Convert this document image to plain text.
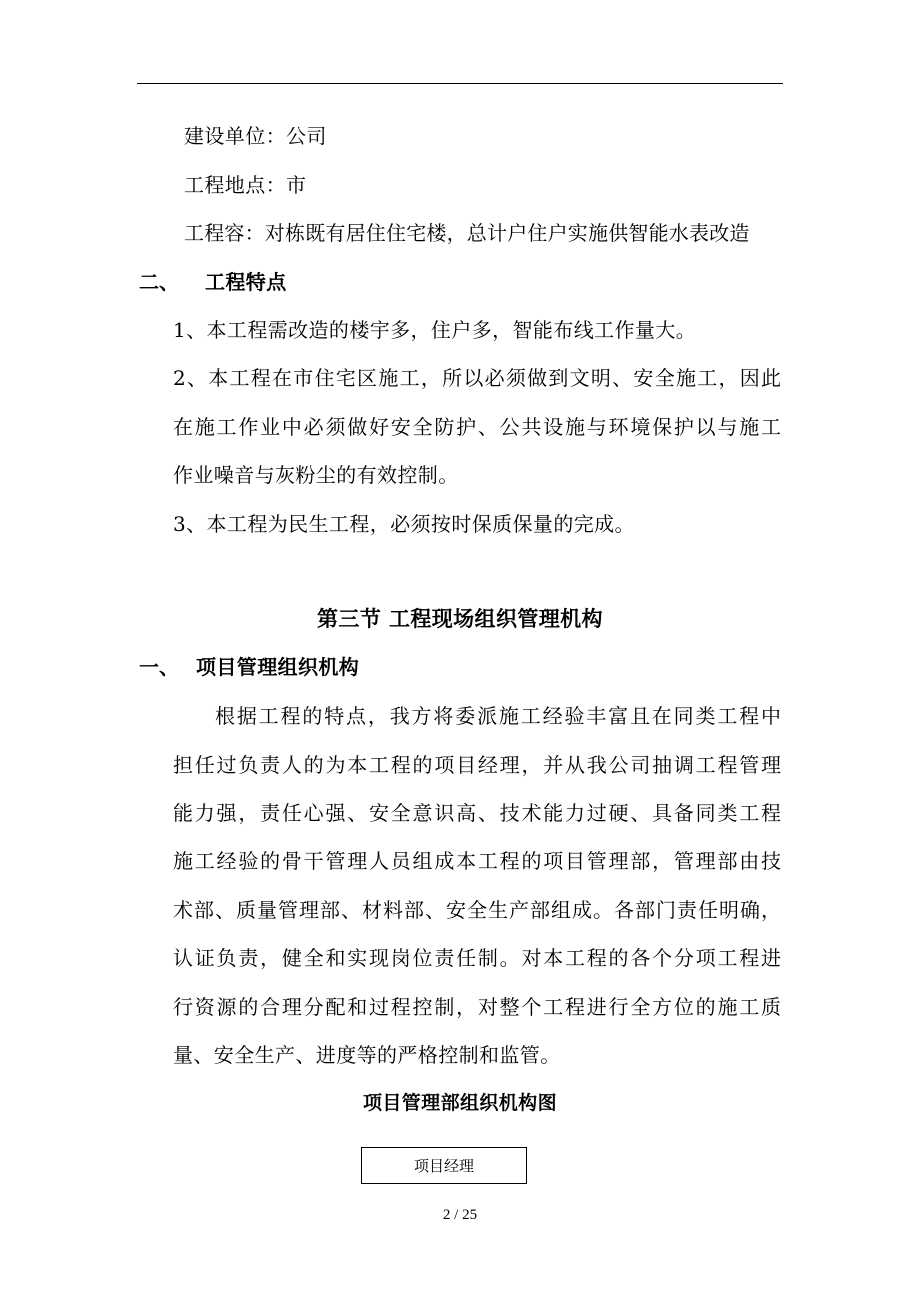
建设单位：公司
工程地点：市
工程容：对栋既有居住住宅楼，总计户住户实施供智能水表改造
二、 工程特点
1、本工程需改造的楼宇多，住户多，智能布线工作量大。
2、本工程在市住宅区施工，所以必须做到文明、安全施工，因此
在施工作业中必须做好安全防护、公共设施与环境保护以与施工
作业噪音与灰粉尘的有效控制。
3、本工程为民生工程，必须按时保质保量的完成。
第三节 工程现场组织管理机构
一、 项目管理组织机构
根据工程的特点，我方将委派施工经验丰富且在同类工程中
担任过负责人的为本工程的项目经理，并从我公司抽调工程管理
能力强，责任心强、安全意识高、技术能力过硬、具备同类工程
施工经验的骨干管理人员组成本工程的项目管理部，管理部由技
术部、质量管理部、材料部、安全生产部组成。各部门责任明确，
认证负责，健全和实现岗位责任制。对本工程的各个分项工程进
行资源的合理分配和过程控制，对整个工程进行全方位的施工质
量、安全生产、进度等的严格控制和监管。
项目管理部组织机构图
项目经理
2 / 25
